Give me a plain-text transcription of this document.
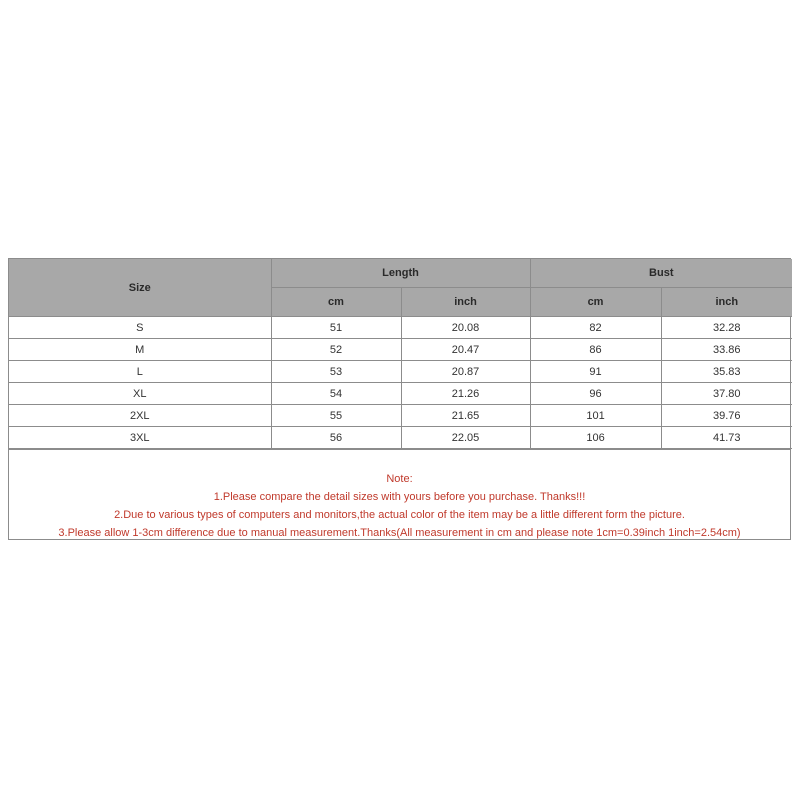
Size	Length		Bust	
	cm	inch	cm	inch
S	51	20.08	82	32.28
M	52	20.47	86	33.86
L	53	20.87	91	35.83
XL	54	21.26	96	37.80
2XL	55	21.65	101	39.76
3XL	56	22.05	106	41.73
Note:
1.Please compare the detail sizes with yours before you purchase. Thanks!!!
2.Due to various types of computers and monitors,the actual color of the item may be a little different form the picture.
3.Please allow 1-3cm difference due to manual measurement.Thanks(All measurement in cm and please note 1cm=0.39inch 1inch=2.54cm)
